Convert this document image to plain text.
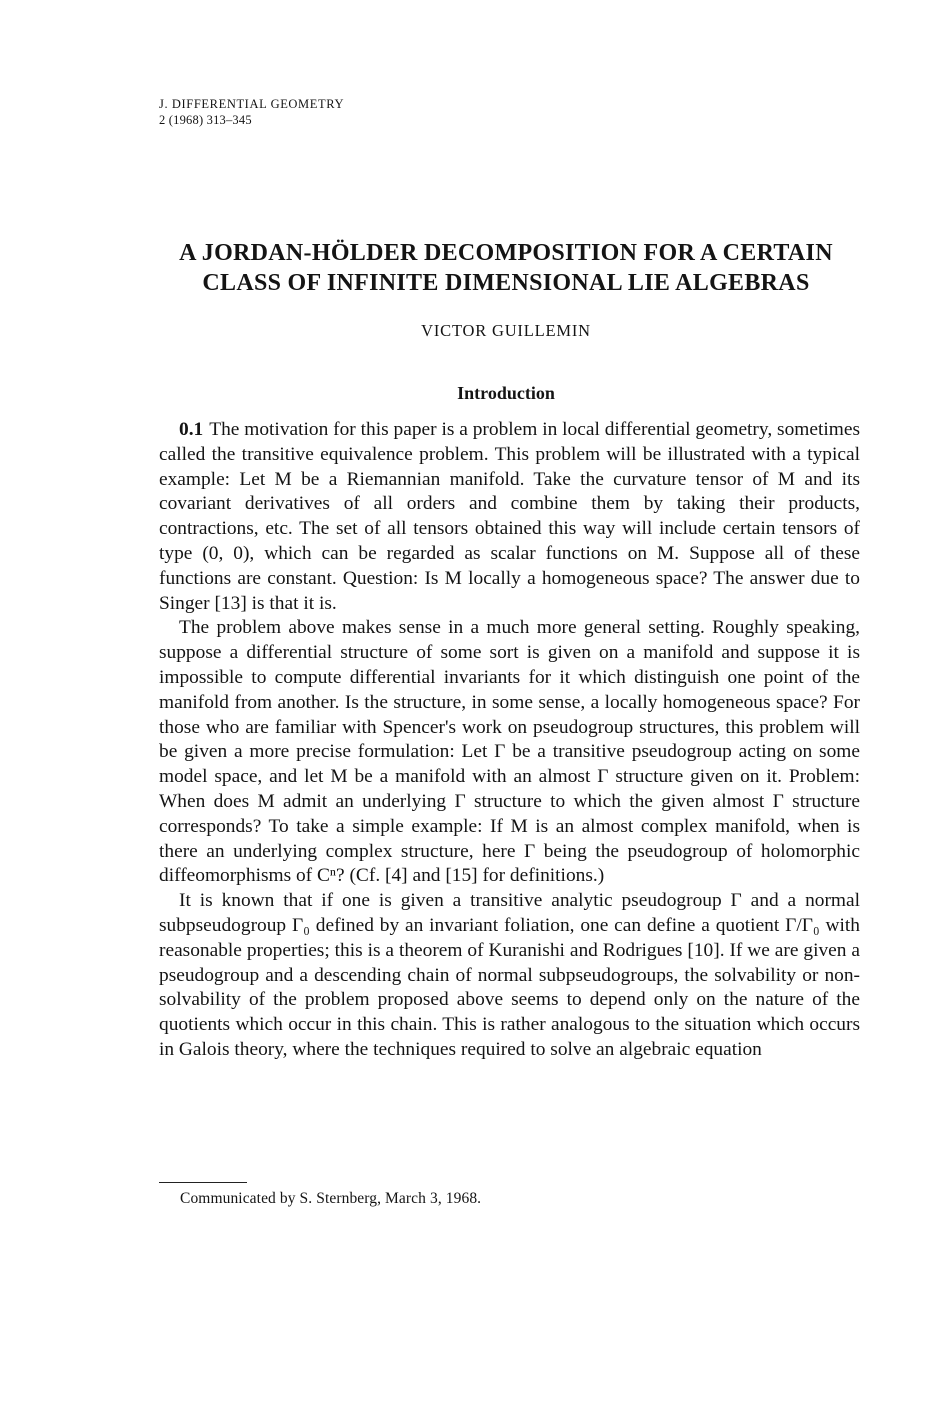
J. DIFFERENTIAL GEOMETRY
2 (1968) 313–345
A JORDAN-HÖLDER DECOMPOSITION FOR A CERTAIN
CLASS OF INFINITE DIMENSIONAL LIE ALGEBRAS
VICTOR GUILLEMIN
Introduction

0.1 The motivation for this paper is a problem in local differential geometry, sometimes called the transitive equivalence problem. This problem will be illustrated with a typical example: Let M be a Riemannian manifold. Take the curvature tensor of M and its covariant derivatives of all orders and combine them by taking their products, contractions, etc. The set of all tensors obtained this way will include certain tensors of type (0, 0), which can be regarded as scalar functions on M. Suppose all of these functions are constant. Question: Is M locally a homogeneous space? The answer due to Singer [13] is that it is.

The problem above makes sense in a much more general setting. Roughly speaking, suppose a differential structure of some sort is given on a manifold and suppose it is impossible to compute differential invariants for it which distinguish one point of the manifold from another. Is the structure, in some sense, a locally homogeneous space? For those who are familiar with Spencer's work on pseudogroup structures, this problem will be given a more precise formulation: Let Γ be a transitive pseudogroup acting on some model space, and let M be a manifold with an almost Γ structure given on it. Problem: When does M admit an underlying Γ structure to which the given almost Γ structure corresponds? To take a simple example: If M is an almost complex manifold, when is there an underlying complex structure, here Γ being the pseudogroup of holomorphic diffeomorphisms of Cⁿ? (Cf. [4] and [15] for definitions.)

It is known that if one is given a transitive analytic pseudogroup Γ and a normal subpseudogroup Γ₀ defined by an invariant foliation, one can define a quotient Γ/Γ₀ with reasonable properties; this is a theorem of Kuranishi and Rodrigues [10]. If we are given a pseudogroup and a descending chain of normal subpseudogroups, the solvability or non-solvability of the problem proposed above seems to depend only on the nature of the quotients which occur in this chain. This is rather analogous to the situation which occurs in Galois theory, where the techniques required to solve an algebraic equation

Communicated by S. Sternberg, March 3, 1968.
